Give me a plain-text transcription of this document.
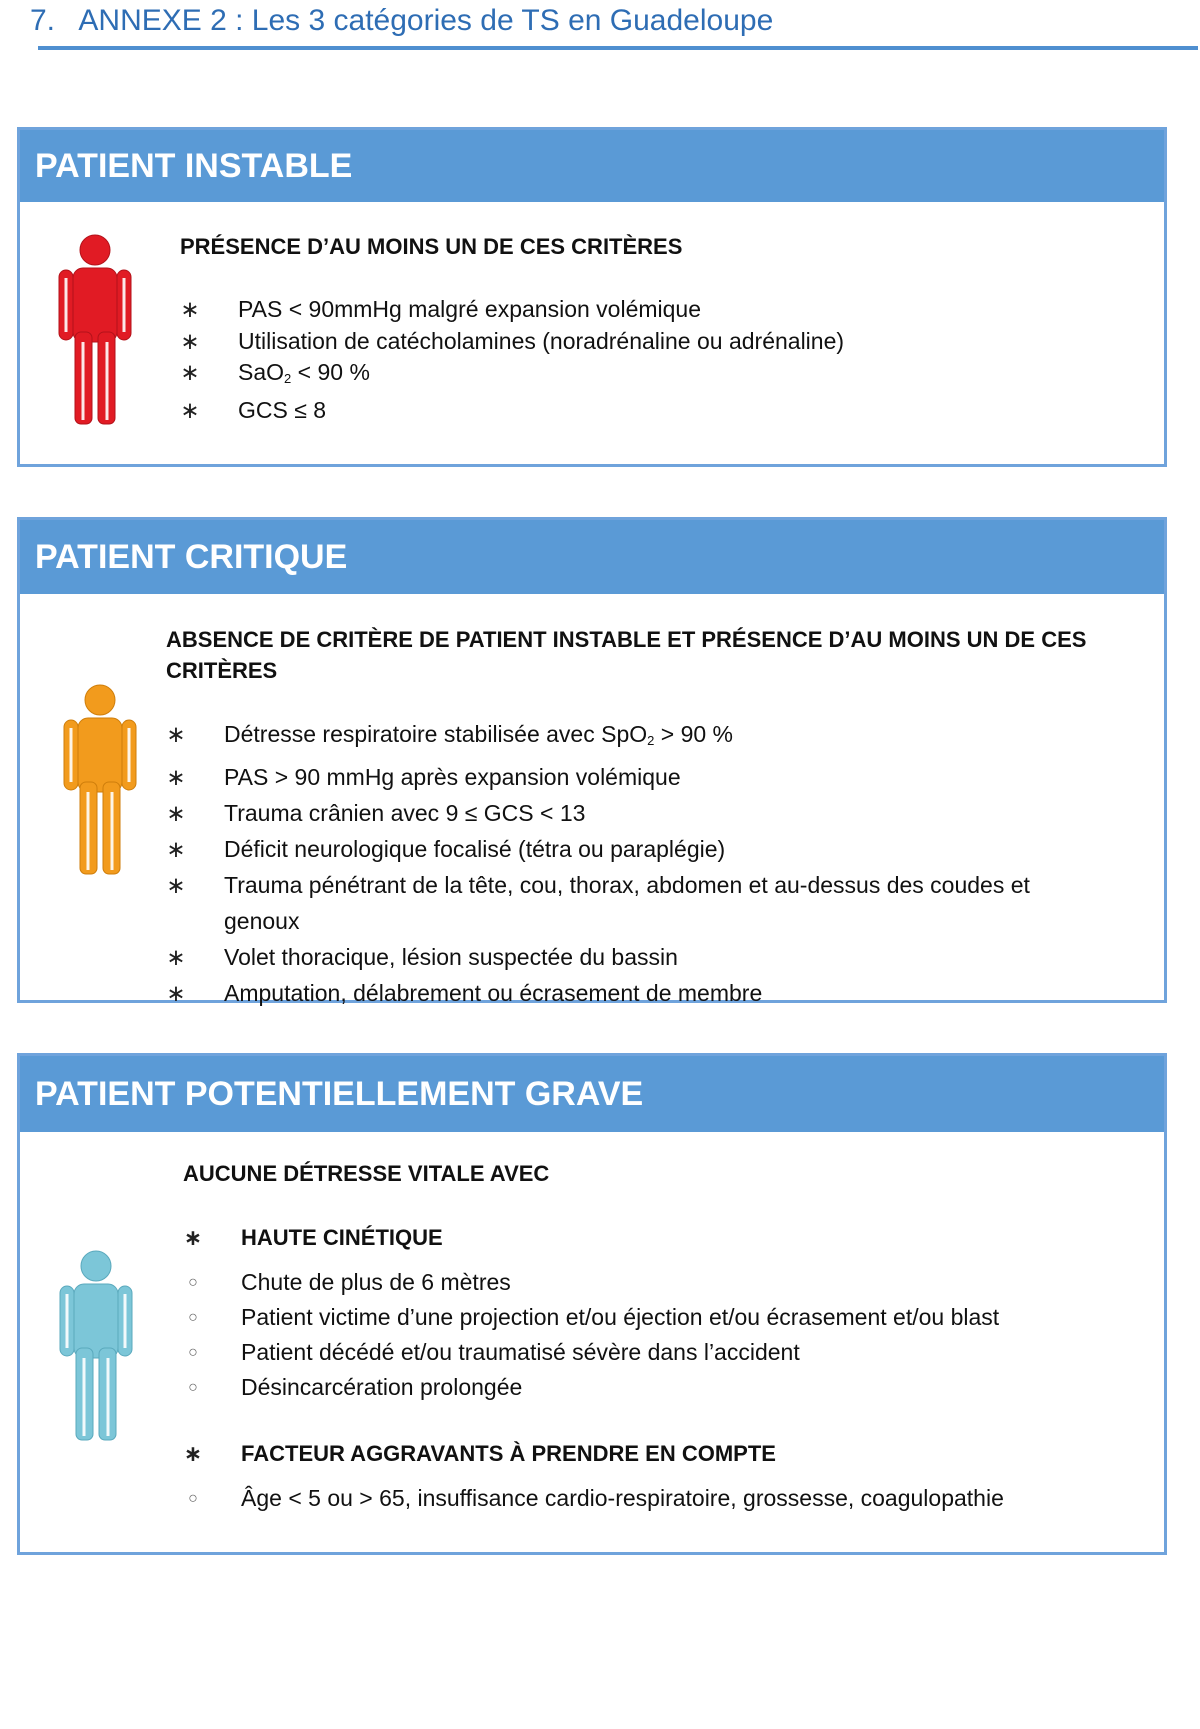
7. ANNEXE 2 : Les 3 catégories de TS en Guadeloupe
PATIENT INSTABLE
PRÉSENCE D’AU MOINS UN DE CES CRITÈRES
∗ PAS < 90mmHg malgré expansion volémique
∗ Utilisation de catécholamines (noradrénaline ou adrénaline)
∗ SaO$_2$ < 90 %
∗ GCS ≤ 8
PATIENT CRITIQUE
ABSENCE DE CRITÈRE DE PATIENT INSTABLE ET PRÉSENCE D’AU MOINS UN DE CES
CRITÈRES
∗ Détresse respiratoire stabilisée avec SpO$_2$ > 90 %
∗ PAS > 90 mmHg après expansion volémique
∗ Trauma crânien avec 9 ≤ GCS < 13
∗ Déficit neurologique focalisé (tétra ou paraplégie)
∗ Trauma pénétrant de la tête, cou, thorax, abdomen et au-dessus des coudes et
genoux
∗ Volet thoracique, lésion suspectée du bassin
∗ Amputation, délabrement ou écrasement de membre
PATIENT POTENTIELLEMENT GRAVE
AUCUNE DÉTRESSE VITALE AVEC
∗ HAUTE CINÉTIQUE
○ Chute de plus de 6 mètres
○ Patient victime d’une projection et/ou éjection et/ou écrasement et/ou blast
○ Patient décédé et/ou traumatisé sévère dans l’accident
○ Désincarcération prolongée
∗ FACTEUR AGGRAVANTS À PRENDRE EN COMPTE
○ Âge < 5 ou > 65, insuffisance cardio-respiratoire, grossesse, coagulopathie
